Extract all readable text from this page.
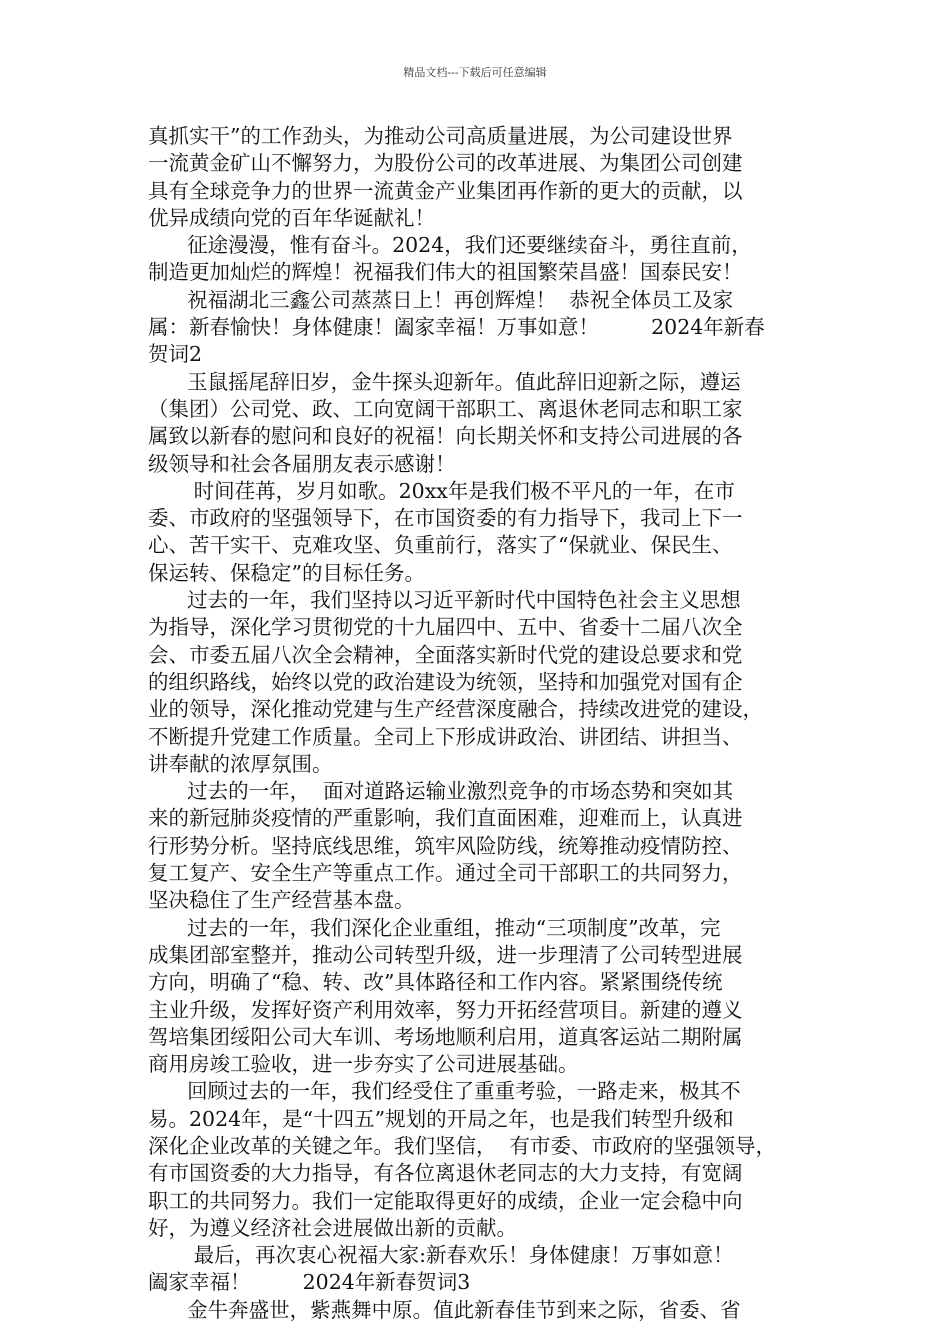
精品文档---下载后可任意编辑
真抓实干”的工作劲头，为推动公司高质量进展，为公司建设世界
一流黄金矿山不懈努力，为股份公司的改革进展、为集团公司创建
具有全球竞争力的世界一流黄金产业集团再作新的更大的贡献，以
优异成绩向党的百年华诞献礼！
征途漫漫，惟有奋斗。2024，我们还要继续奋斗，勇往直前，
制造更加灿烂的辉煌！祝福我们伟大的祖国繁荣昌盛！国泰民安！
祝福湖北三鑫公司蒸蒸日上！再创辉煌！  恭祝全体员工及家
属：新春愉快！身体健康！阖家幸福！万事如意！        2024年新春
贺词2
玉鼠摇尾辞旧岁，金牛探头迎新年。值此辞旧迎新之际，遵运
（集团）公司党、政、工向宽阔干部职工、离退休老同志和职工家
属致以新春的慰问和良好的祝福！向长期关怀和支持公司进展的各
级领导和社会各届朋友表示感谢！
时间荏苒，岁月如歌。20xx年是我们极不平凡的一年，在市
委、市政府的坚强领导下，在市国资委的有力指导下，我司上下一
心、苦干实干、克难攻坚、负重前行，落实了“保就业、保民生、
保运转、保稳定”的目标任务。
过去的一年，我们坚持以习近平新时代中国特色社会主义思想
为指导，深化学习贯彻党的十九届四中、五中、省委十二届八次全
会、市委五届八次全会精神，全面落实新时代党的建设总要求和党
的组织路线，始终以党的政治建设为统领，坚持和加强党对国有企
业的领导，深化推动党建与生产经营深度融合，持续改进党的建设，
不断提升党建工作质量。全司上下形成讲政治、讲团结、讲担当、
讲奉献的浓厚氛围。
过去的一年，  面对道路运输业激烈竞争的市场态势和突如其
来的新冠肺炎疫情的严重影响，我们直面困难，迎难而上，认真进
行形势分析。坚持底线思维，筑牢风险防线，统筹推动疫情防控、
复工复产、安全生产等重点工作。通过全司干部职工的共同努力，
坚决稳住了生产经营基本盘。
过去的一年，我们深化企业重组，推动“三项制度”改革，完
成集团部室整并，推动公司转型升级，进一步理清了公司转型进展
方向，明确了“稳、转、改”具体路径和工作内容。紧紧围绕传统
主业升级，发挥好资产利用效率，努力开拓经营项目。新建的遵义
驾培集团绥阳公司大车训、考场地顺利启用，道真客运站二期附属
商用房竣工验收，进一步夯实了公司进展基础。
回顾过去的一年，我们经受住了重重考验，一路走来，极其不
易。2024年，是“十四五”规划的开局之年，也是我们转型升级和
深化企业改革的关键之年。我们坚信，  有市委、市政府的坚强领导，
有市国资委的大力指导，有各位离退休老同志的大力支持，有宽阔
职工的共同努力。我们一定能取得更好的成绩，企业一定会稳中向
好，为遵义经济社会进展做出新的贡献。
最后，再次衷心祝福大家:新春欢乐！身体健康！万事如意！
阖家幸福！        2024年新春贺词3
金牛奔盛世，紫燕舞中原。值此新春佳节到来之际，省委、省
